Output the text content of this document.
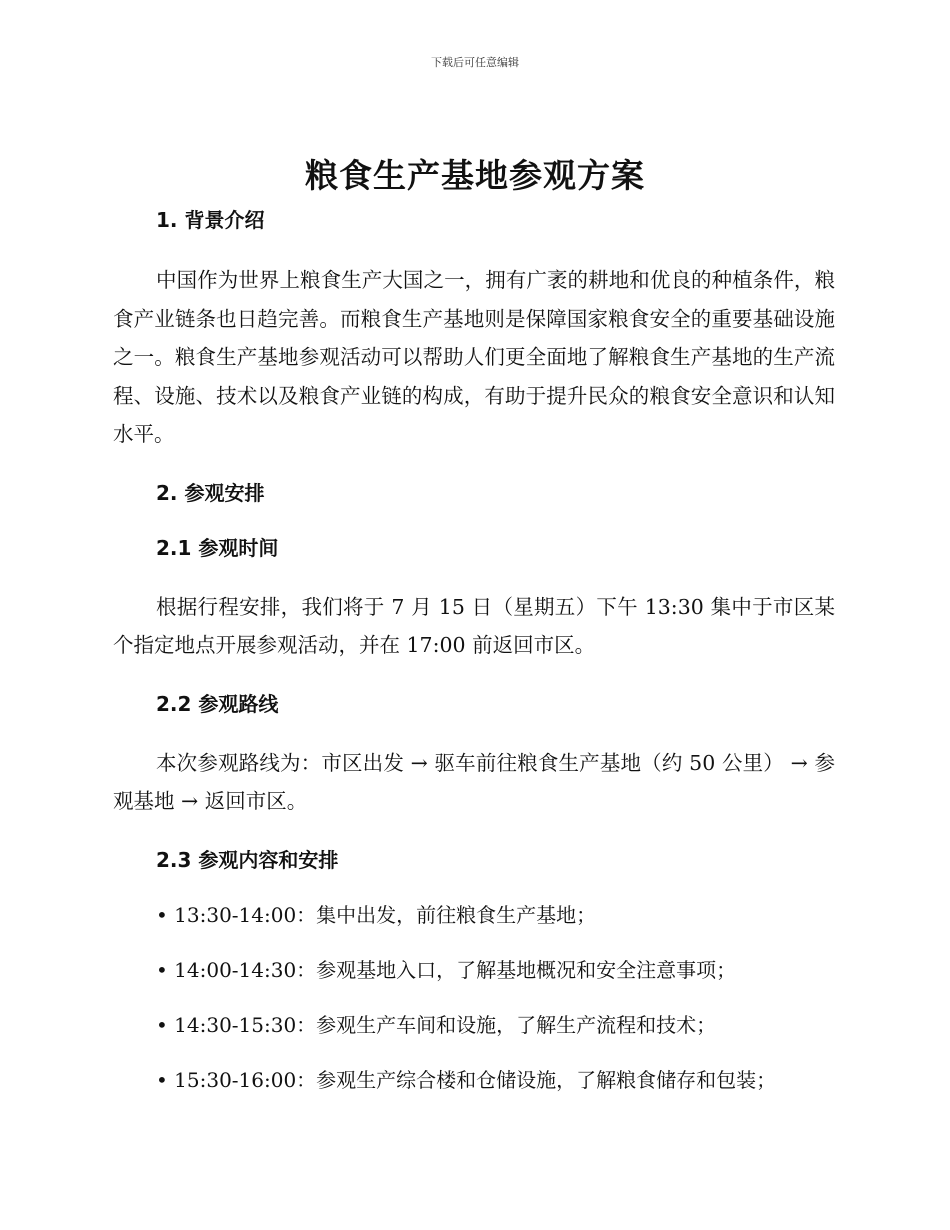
下载后可任意编辑
粮食生产基地参观方案
1. 背景介绍

中国作为世界上粮食生产大国之一，拥有广袤的耕地和优良的种植条件，粮食产业链条也日趋完善。而粮食生产基地则是保障国家粮食安全的重要基础设施之一。粮食生产基地参观活动可以帮助人们更全面地了解粮食生产基地的生产流程、设施、技术以及粮食产业链的构成，有助于提升民众的粮食安全意识和认知水平。

2. 参观安排
2.1 参观时间

根据行程安排，我们将于 7 月 15 日（星期五）下午 13:30 集中于市区某个指定地点开展参观活动，并在 17:00 前返回市区。

2.2 参观路线

本次参观路线为：市区出发 → 驱车前往粮食生产基地（约 50 公里） → 参观基地 → 返回市区。

2.3 参观内容和安排
• 13:30-14:00：集中出发，前往粮食生产基地；
• 14:00-14:30：参观基地入口，了解基地概况和安全注意事项；
• 14:30-15:30：参观生产车间和设施，了解生产流程和技术；
• 15:30-16:00：参观生产综合楼和仓储设施，了解粮食储存和包装；
